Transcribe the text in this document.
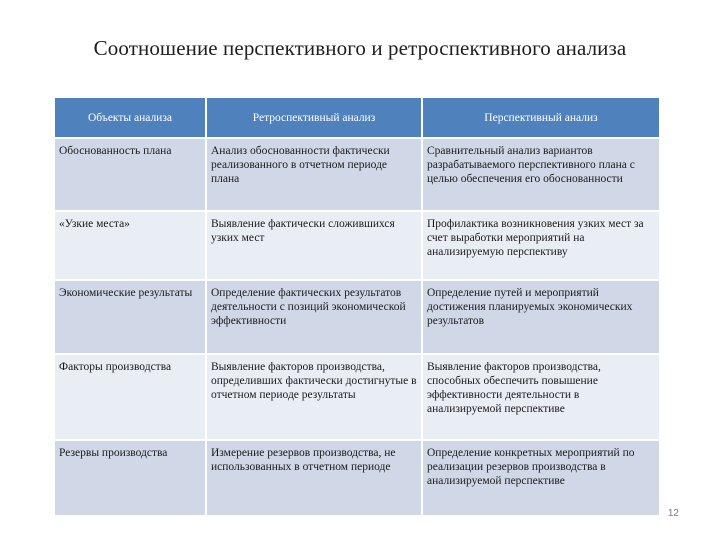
Соотношение перспективного и ретроспективного анализа
Объекты анализа	Ретроспективный анализ	Перспективный анализ
Обоснованность плана	Анализ обоснованности фактически реализованного в отчетном периоде плана	Сравнительный анализ вариантов разрабатываемого перспективного плана с целью обеспечения его обоснованности
«Узкие места»	Выявление фактически сложившихся узких мест	Профилактика возникновения узких мест за счет выработки мероприятий на анализируемую перспективу
Экономические результаты	Определение фактических результатов деятельности с позиций экономической эффективности	Определение путей и мероприятий достижения планируемых экономических результатов
Факторы производства	Выявление факторов производства, определивших фактически достигнутые в отчетном периоде результаты	Выявление факторов производства, способных обеспечить повышение эффективности деятельности в анализируемой перспективе
Резервы производства	Измерение резервов производства, не использованных в отчетном периоде	Определение конкретных мероприятий по реализации резервов производства в анализируемой перспективе
12
